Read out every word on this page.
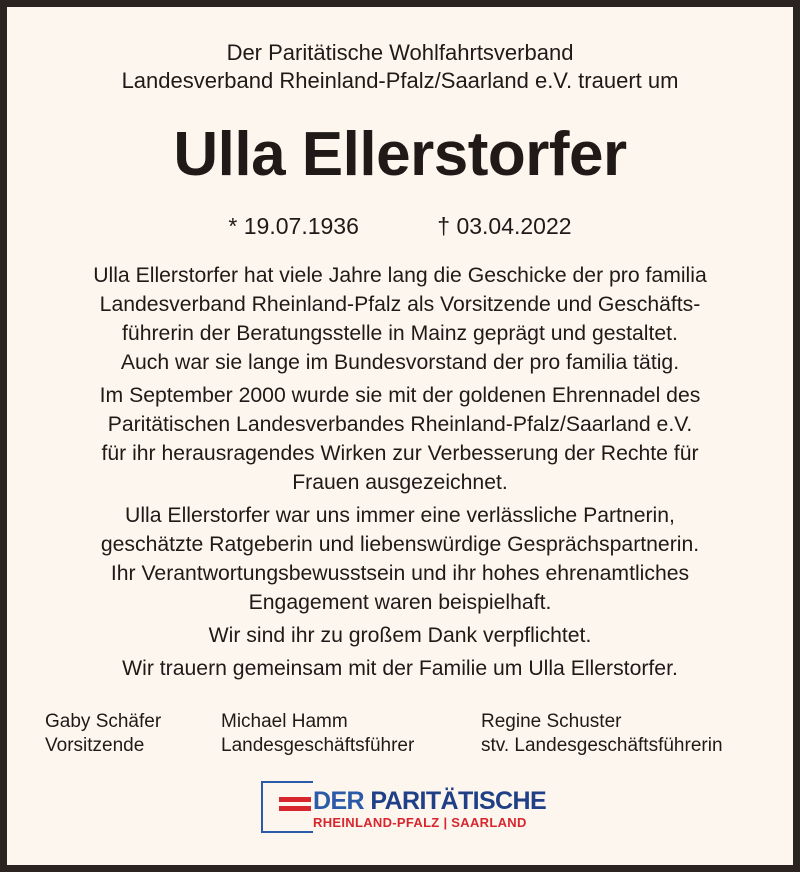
Der Paritätische Wohlfahrtsverband
Landesverband Rheinland-Pfalz/Saarland e.V. trauert um
Ulla Ellerstorfer
* 19.07.1936	† 03.04.2022

Ulla Ellerstorfer hat viele Jahre lang die Geschicke der pro familia
Landesverband Rheinland-Pfalz als Vorsitzende und Geschäfts-
führerin der Beratungsstelle in Mainz geprägt und gestaltet.
Auch war sie lange im Bundesvorstand der pro familia tätig.

Im September 2000 wurde sie mit der goldenen Ehrennadel des
Paritätischen Landesverbandes Rheinland-Pfalz/Saarland e.V.
für ihr herausragendes Wirken zur Verbesserung der Rechte für
Frauen ausgezeichnet.

Ulla Ellerstorfer war uns immer eine verlässliche Partnerin,
geschätzte Ratgeberin und liebenswürdige Gesprächspartnerin.
Ihr Verantwortungsbewusstsein und ihr hohes ehrenamtliches
Engagement waren beispielhaft.

Wir sind ihr zu großem Dank verpflichtet.

Wir trauern gemeinsam mit der Familie um Ulla Ellerstorfer.

Gaby Schäfer
Vorsitzende
Michael Hamm
Landesgeschäftsführer
Regine Schuster
stv. Landesgeschäftsführerin
DER PARITÄTISCHE
RHEINLAND-PFALZ | SAARLAND
